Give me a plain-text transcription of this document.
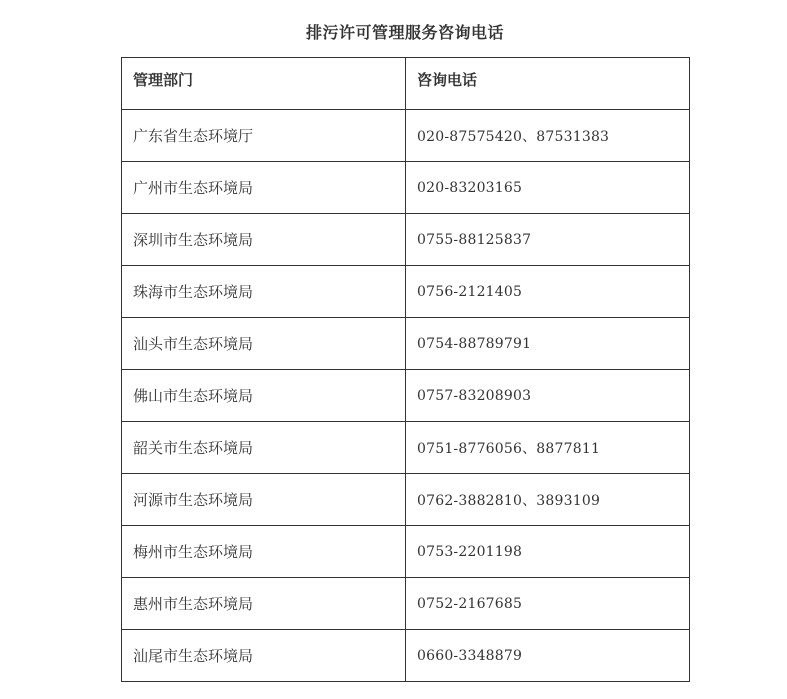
排污许可管理服务咨询电话
管理部门	咨询电话
广东省生态环境厅	020-87575420、87531383
广州市生态环境局	020-83203165
深圳市生态环境局	0755-88125837
珠海市生态环境局	0756-2121405
汕头市生态环境局	0754-88789791
佛山市生态环境局	0757-83208903
韶关市生态环境局	0751-8776056、8877811
河源市生态环境局	0762-3882810、3893109
梅州市生态环境局	0753-2201198
惠州市生态环境局	0752-2167685
汕尾市生态环境局	0660-3348879
